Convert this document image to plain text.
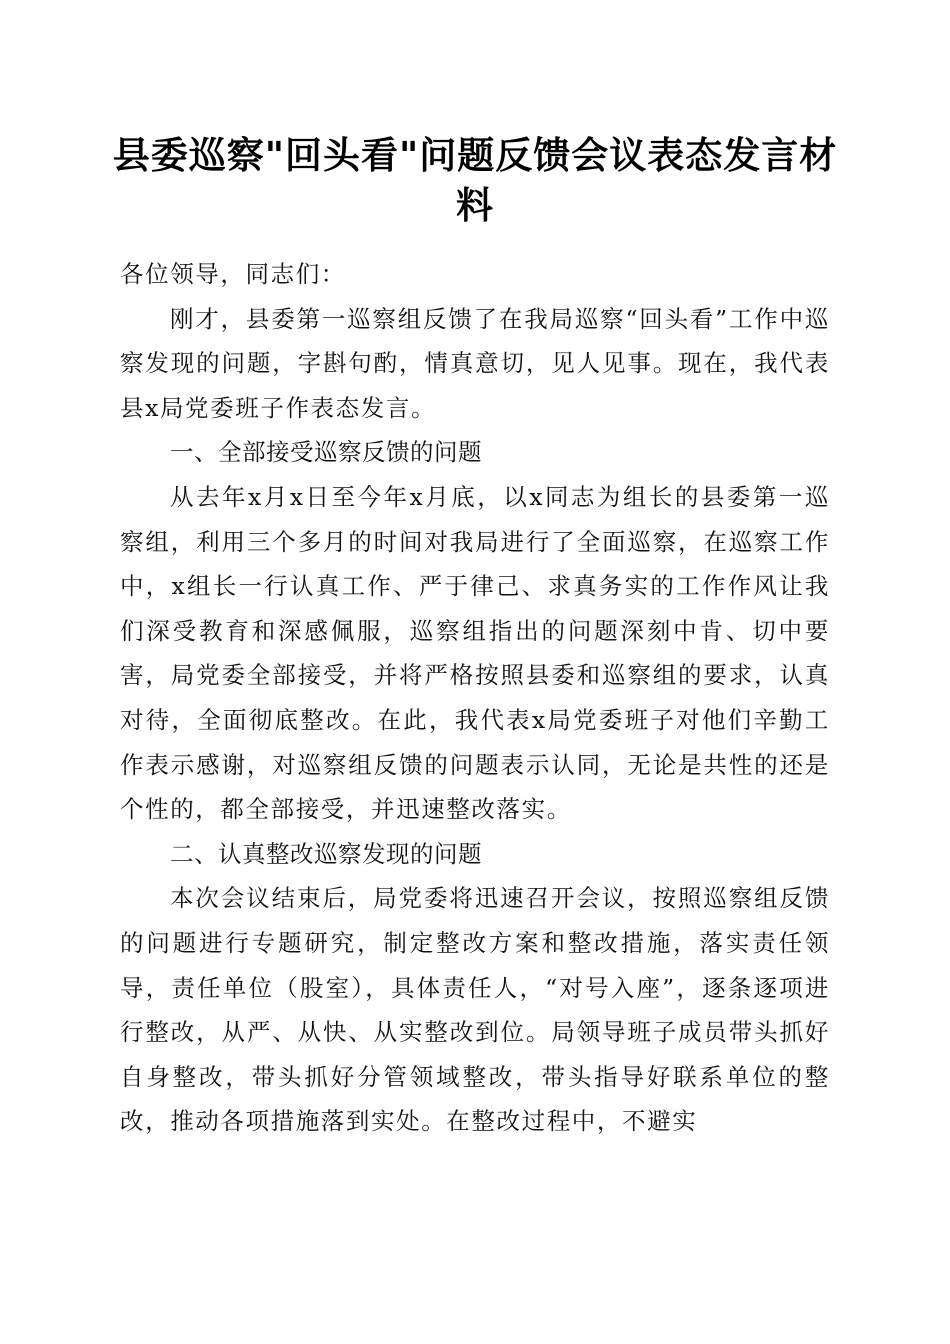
县委巡察"回头看"问题反馈会议表态发言材料

各位领导，同志们：

刚才，县委第一巡察组反馈了在我局巡察“回头看”工作中巡察发现的问题，字斟句酌，情真意切，见人见事。现在，我代表县x局党委班子作表态发言。

一、全部接受巡察反馈的问题

从去年x月x日至今年x月底，以x同志为组长的县委第一巡察组，利用三个多月的时间对我局进行了全面巡察，在巡察工作中，x组长一行认真工作、严于律己、求真务实的工作作风让我们深受教育和深感佩服，巡察组指出的问题深刻中肯、切中要害，局党委全部接受，并将严格按照县委和巡察组的要求，认真对待，全面彻底整改。在此，我代表x局党委班子对他们辛勤工作表示感谢，对巡察组反馈的问题表示认同，无论是共性的还是个性的，都全部接受，并迅速整改落实。

二、认真整改巡察发现的问题

本次会议结束后，局党委将迅速召开会议，按照巡察组反馈的问题进行专题研究，制定整改方案和整改措施，落实责任领导，责任单位（股室），具体责任人，“对号入座”，逐条逐项进行整改，从严、从快、从实整改到位。局领导班子成员带头抓好自身整改，带头抓好分管领域整改，带头指导好联系单位的整改，推动各项措施落到实处。在整改过程中，不避实
